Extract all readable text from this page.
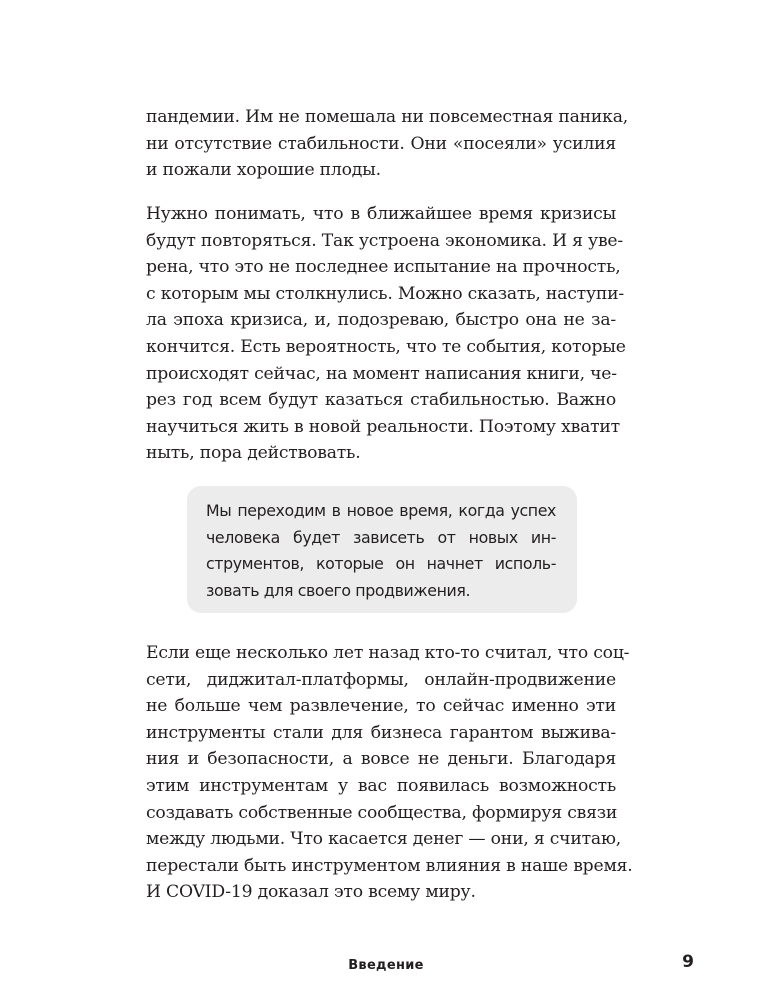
пандемии. Им не помешала ни повсеместная паника,
ни отсутствие стабильности. Они «посеяли» усилия
и пожали хорошие плоды.

Нужно понимать, что в ближайшее время кризисы
будут повторяться. Так устроена экономика. И я уве-
рена, что это не последнее испытание на прочность,
с которым мы столкнулись. Можно сказать, наступи-
ла эпоха кризиса, и, подозреваю, быстро она не за-
кончится. Есть вероятность, что те события, которые
происходят сейчас, на момент написания книги, че-
рез год всем будут казаться стабильностью. Важно
научиться жить в новой реальности. Поэтому хватит
ныть, пора действовать.

Мы переходим в новое время, когда успех
человека будет зависеть от новых ин-
струментов, которые он начнет исполь-
зовать для своего продвижения.

Если еще несколько лет назад кто-то считал, что соц-
сети, диджитал-платформы, онлайн-продвижение
не больше чем развлечение, то сейчас именно эти
инструменты стали для бизнеса гарантом выжива-
ния и безопасности, а вовсе не деньги. Благодаря
этим инструментам у вас появилась возможность
создавать собственные сообщества, формируя связи
между людьми. Что касается денег — они, я считаю,
перестали быть инструментом влияния в наше время.
И COVID-19 доказал это всему миру.

Введение	9
